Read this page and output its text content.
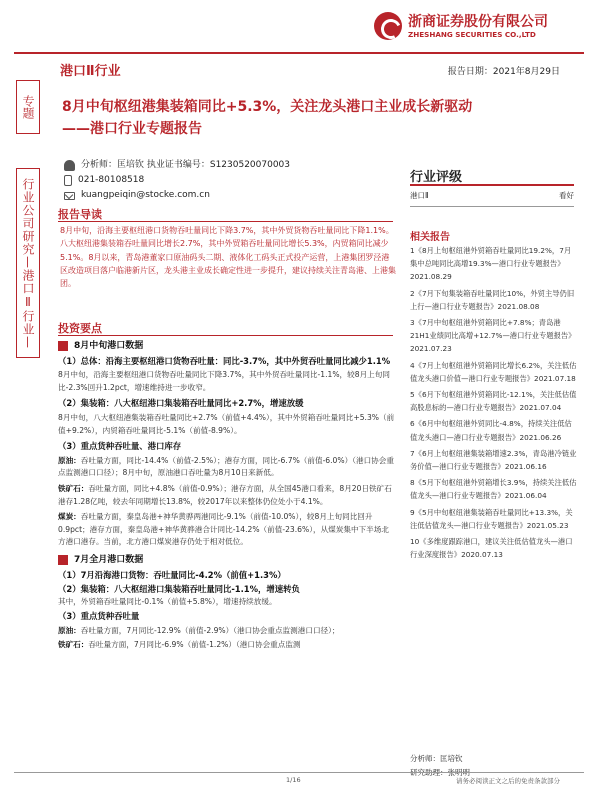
浙商证券股份有限公司
ZHESHANG SECURITIES CO.,LTD
港口Ⅱ行业	报告日期：2021年8月29日
专题
行业公司研究—港口Ⅱ行业—
8月中旬枢纽港集装箱同比+5.3%，关注龙头港口主业成长新驱动
——港口行业专题报告
分析师：匡培钦 执业证书编号：S1230520070003
021-80108518
kuangpeiqin@stocke.com.cn
行业评级
港口Ⅱ	看好
相关报告
1《8月上旬枢纽港外贸箱吞吐量同比19.2%，7月集中总吨同比高增19.3%—港口行业专题报告》2021.08.29
2《7月下旬集装箱吞吐量同比10%，外贸主导仍旧上行—港口行业专题报告》2021.08.08
3《7月中旬枢纽港外贸箱同比+7.8%；青岛港21H1业绩同比高增+12.7%—港口行业专题报告》2021.07.23
4《7月上旬枢纽港外贸箱同比增长6.2%，关注低估值龙头港口价值—港口行业专题报告》2021.07.18
5《6月下旬枢纽港外贸箱同比-12.1%，关注低估值高股息标的—港口行业专题报告》2021.07.04
6《6月中旬枢纽港外贸同比-4.8%，持续关注低估值龙头港口—港口行业专题报告》2021.06.26
7《6月上旬枢纽港集装箱增速2.3%，青岛港冷链业务价值—港口行业专题报告》2021.06.16
8《5月下旬枢纽港外贸箱增长3.9%，持续关注低估值龙头—港口行业专题报告》2021.06.04
9《5月中旬枢纽港集装箱吞吐量同比+13.3%，关注低估值龙头—港口行业专题报告》2021.05.23
10《多维度跟踪港口，建议关注低估值龙头—港口行业深度报告》2020.07.13
报告导读
8月中旬，沿海主要枢纽港口货物吞吐量同比下降3.7%，其中外贸货物吞吐量同比下降1.1%。八大枢纽港集装箱吞吐量同比增长2.7%，其中外贸箱吞吐量同比增长5.3%，内贸箱同比减少5.1%。8月以来，青岛港董家口原油码头二期、液体化工码头正式投产运营，上港集团罗泾港区改造项目落户临港新片区，龙头港主业成长确定性进一步提升，建议持续关注青岛港、上港集团。
投资要点
8月中旬港口数据
（1）总体：沿海主要枢纽港口货物吞吐量：同比-3.7%，其中外贸吞吐量同比减少1.1%
8月中旬，沿海主要枢纽港口货物吞吐量同比下降3.7%，其中外贸吞吐量同比-1.1%，较8月上旬同比-2.3%回升1.2pct，增速维持进一步收窄。
（2）集装箱：八大枢纽港口集装箱吞吐量同比+2.7%，增速放缓
8月中旬，八大枢纽港集装箱吞吐量同比+2.7%（前值+4.4%），其中外贸箱吞吐量同比+5.3%（前值+9.2%），内贸箱吞吐量同比-5.1%（前值-8.9%）。
（3）重点货种吞吐量、港口库存
原油：吞吐量方面，同比-14.4%（前值-2.5%）；港存方面，同比-6.7%（前值-6.0%）（港口协会重点监测港口口径）；8月中旬，原油港口吞吐量为8月10日来新低。
铁矿石：吞吐量方面，同比+4.8%（前值-0.9%）；港存方面，从全国45港口看来，8月20日铁矿石港存1.28亿吨，较去年同期增长13.8%，较2017年以来整体仍位处小于4.1%。
煤炭：吞吐量方面，秦皇岛港+神华黄骅两港同比-9.1%（前值-10.0%），较8月上旬同比回升0.9pct；港存方面，秦皇岛港+神华黄骅港合计同比-14.2%（前值-23.6%），从煤炭集中下半场北方港口港存。当前，北方港口煤炭港存仍处于相对低位。
7月全月港口数据
（1）7月沿海港口货物：吞吐量同比-4.2%（前值+1.3%）
（2）集装箱：八大枢纽港口集装箱吞吐量同比-1.1%，增速转负
其中，外贸箱吞吐量同比-0.1%（前值+5.8%），增速持续放缓。
（3）重点货种吞吐量
原油：吞吐量方面，7月同比-12.9%（前值-2.9%）（港口协会重点监测港口口径）；
铁矿石：吞吐量方面，7月同比-6.9%（前值-1.2%）（港口协会重点监测
分析师：匡培钦
研究助理：张明明
1/16	请务必阅读正文之后的免责条款部分
